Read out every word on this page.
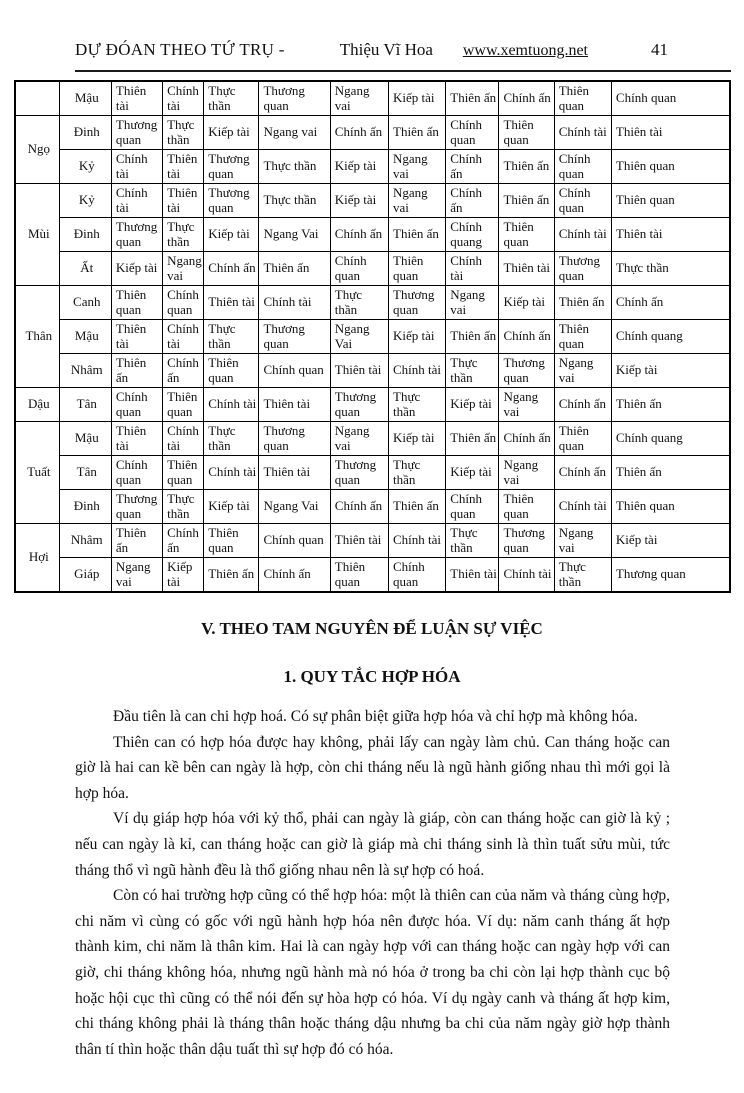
DỰ ĐÓAN THEO TỨ TRỤ -	Thiệu Vĩ Hoa www.xemtuong.net	41
	Mậu	Thiên tài	Chính tài	Thực thần	Thương quan	Ngang vai	Kiếp tài	Thiên ấn	Chính ấn	Thiên quan	Chính quan
Ngọ	Đinh	Thương quan	Thực thần	Kiếp tài	Ngang vai	Chính ấn	Thiên ấn	Chính quan	Thiên quan	Chính tài	Thiên tài
	Kỷ	Chính tài	Thiên tài	Thương quan	Thực thần	Kiếp tài	Ngang vai	Chính ấn	Thiên ấn	Chính quan	Thiên quan
Mùi	Kỷ	Chính tài	Thiên tài	Thương quan	Thực thần	Kiếp tài	Ngang vai	Chính ấn	Thiên ấn	Chính quan	Thiên quan
	Đinh	Thương quan	Thực thần	Kiếp tài	Ngang Vai	Chính ấn	Thiên ấn	Chính quang	Thiên quan	Chính tài	Thiên tài
	Ất	Kiếp tài	Ngang vai	Chính ấn	Thiên ấn	Chính quan	Thiên quan	Chính tài	Thiên tài	Thương quan	Thực thần
Thân	Canh	Thiên quan	Chính quan	Thiên tài	Chính tài	Thực thần	Thương quan	Ngang vai	Kiếp tài	Thiên ấn	Chính ấn
	Mậu	Thiên tài	Chính tài	Thực thần	Thương quan	Ngang Vai	Kiếp tài	Thiên ấn	Chính ấn	Thiên quan	Chính quang
	Nhâm	Thiên ấn	Chính ấn	Thiên quan	Chính quan	Thiên tài	Chính tài	Thực thần	Thương quan	Ngang vai	Kiếp tài
Dậu	Tân	Chính quan	Thiên quan	Chính tài	Thiên tài	Thương quan	Thực thần	Kiếp tài	Ngang vai	Chính ấn	Thiên ấn
Tuất	Mậu	Thiên tài	Chính tài	Thực thần	Thương quan	Ngang vai	Kiếp tài	Thiên ấn	Chính ấn	Thiên quan	Chính quang
	Tân	Chính quan	Thiên quan	Chính tài	Thiên tài	Thương quan	Thực thần	Kiếp tài	Ngang vai	Chính ấn	Thiên ấn
	Đinh	Thương quan	Thực thần	Kiếp tài	Ngang Vai	Chính ấn	Thiên ấn	Chính quan	Thiên quan	Chính tài	Thiên quan
Hợi	Nhâm	Thiên ấn	Chính ấn	Thiên quan	Chính quan	Thiên tài	Chính tài	Thực thần	Thương quan	Ngang vai	Kiếp tài
	Giáp	Ngang vai	Kiếp tài	Thiên ấn	Chính ấn	Thiên quan	Chính quan	Thiên tài	Chính tài	Thực thần	Thương quan
V. THEO TAM NGUYÊN ĐỂ LUẬN SỰ VIỆC
1. QUY TẮC HỢP HÓA

Đầu tiên là can chi hợp hoá. Có sự phân biệt giữa hợp hóa và chỉ hợp mà không hóa.

Thiên can có hợp hóa được hay không, phải lấy can ngày làm chủ. Can tháng hoặc can giờ là hai can kề bên can ngày là hợp, còn chi tháng nếu là ngũ hành giống nhau thì mới gọi là hợp hóa.

Ví dụ giáp hợp hóa với kỷ thổ, phải can ngày là giáp, còn can tháng hoặc can giờ là kỷ ; nếu can ngày là kỉ, can tháng hoặc can giờ là giáp mà chi tháng sinh là thìn tuất sửu mùi, tức tháng thổ vì ngũ hành đều là thổ giống nhau nên là sự hợp có hoá.

Còn có hai trường hợp cũng có thể hợp hóa: một là thiên can của năm và tháng cùng hợp, chi năm vì cùng có gốc với ngũ hành hợp hóa nên được hóa. Ví dụ: năm canh tháng ất hợp thành kim, chi năm là thân kim. Hai là can ngày hợp với can tháng hoặc can ngày hợp với can giờ, chi tháng không hóa, nhưng ngũ hành mà nó hóa ở trong ba chi còn lại hợp thành cục bộ hoặc hội cục thì cũng có thể nói đến sự hòa hợp có hóa. Ví dụ ngày canh và tháng ất hợp kim, chi tháng không phải là tháng thân hoặc tháng dậu nhưng ba chi của năm ngày giờ hợp thành thân tí thìn hoặc thân dậu tuất thì sự hợp đó có hóa.
